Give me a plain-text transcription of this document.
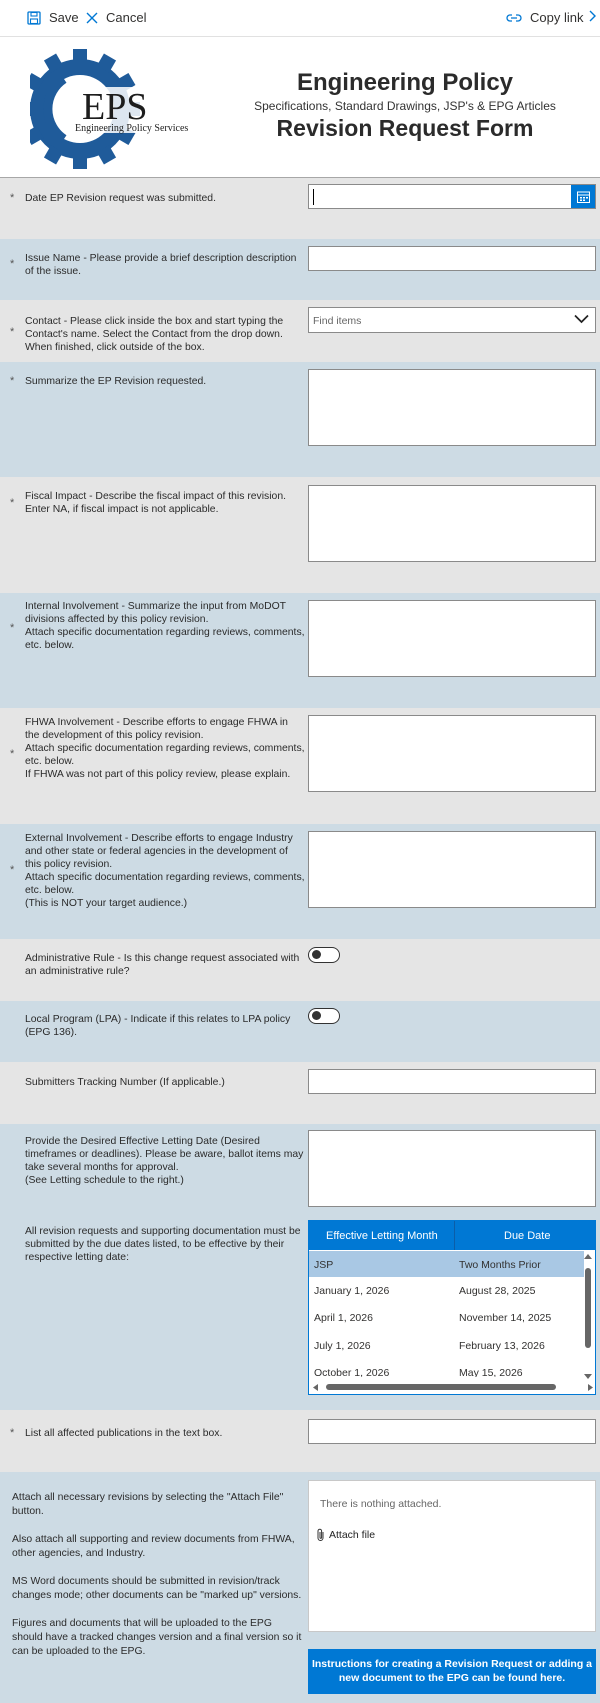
Save Cancel	Copy link
EPS
Engineering Policy Services
Engineering Policy
Specifications, Standard Drawings, JSP's & EPG Articles
Revision Request Form
* Date EP Revision request was submitted.
* Issue Name - Please provide a brief description description of the issue.
*
Contact - Please click inside the box and start typing the Contact's name. Select the Contact from the drop down. When finished, click outside of the box.
Find items
* Summarize the EP Revision requested.
*
Fiscal Impact - Describe the fiscal impact of this revision. Enter NA, if fiscal impact is not applicable.
*
Internal Involvement - Summarize the input from MoDOT divisions affected by this policy revision.
Attach specific documentation regarding reviews, comments, etc. below.
*
FHWA Involvement - Describe efforts to engage FHWA in the development of this policy revision.
Attach specific documentation regarding reviews, comments, etc. below.
If FHWA was not part of this policy review, please explain.
*
External Involvement - Describe efforts to engage Industry and other state or federal agencies in the development of this policy revision.
Attach specific documentation regarding reviews, comments, etc. below.
(This is NOT your target audience.)
Administrative Rule - Is this change request associated with an administrative rule?
Local Program (LPA) - Indicate if this relates to LPA policy (EPG 136).
Submitters Tracking Number (If applicable.)
Provide the Desired Effective Letting Date (Desired timeframes or deadlines). Please be aware, ballot items may take several months for approval.
(See Letting schedule to the right.)
All revision requests and supporting documentation must be submitted by the due dates listed, to be effective by their respective letting date:
Effective Letting Month	Due Date
JSP	Two Months Prior
January 1, 2026	August 28, 2025
April 1, 2026	November 14, 2025
July 1, 2026	February 13, 2026
October 1, 2026	May 15, 2026
* List all affected publications in the text box.

Attach all necessary revisions by selecting the "Attach File" button.

Also attach all supporting and review documents from FHWA, other agencies, and Industry.

MS Word documents should be submitted in revision/track changes mode; other documents can be "marked up" versions.

Figures and documents that will be uploaded to the EPG should have a tracked changes version and a final version so it can be uploaded to the EPG.

There is nothing attached.
Attach file
Instructions for creating a Revision Request or adding a new document to the EPG can be found here.
